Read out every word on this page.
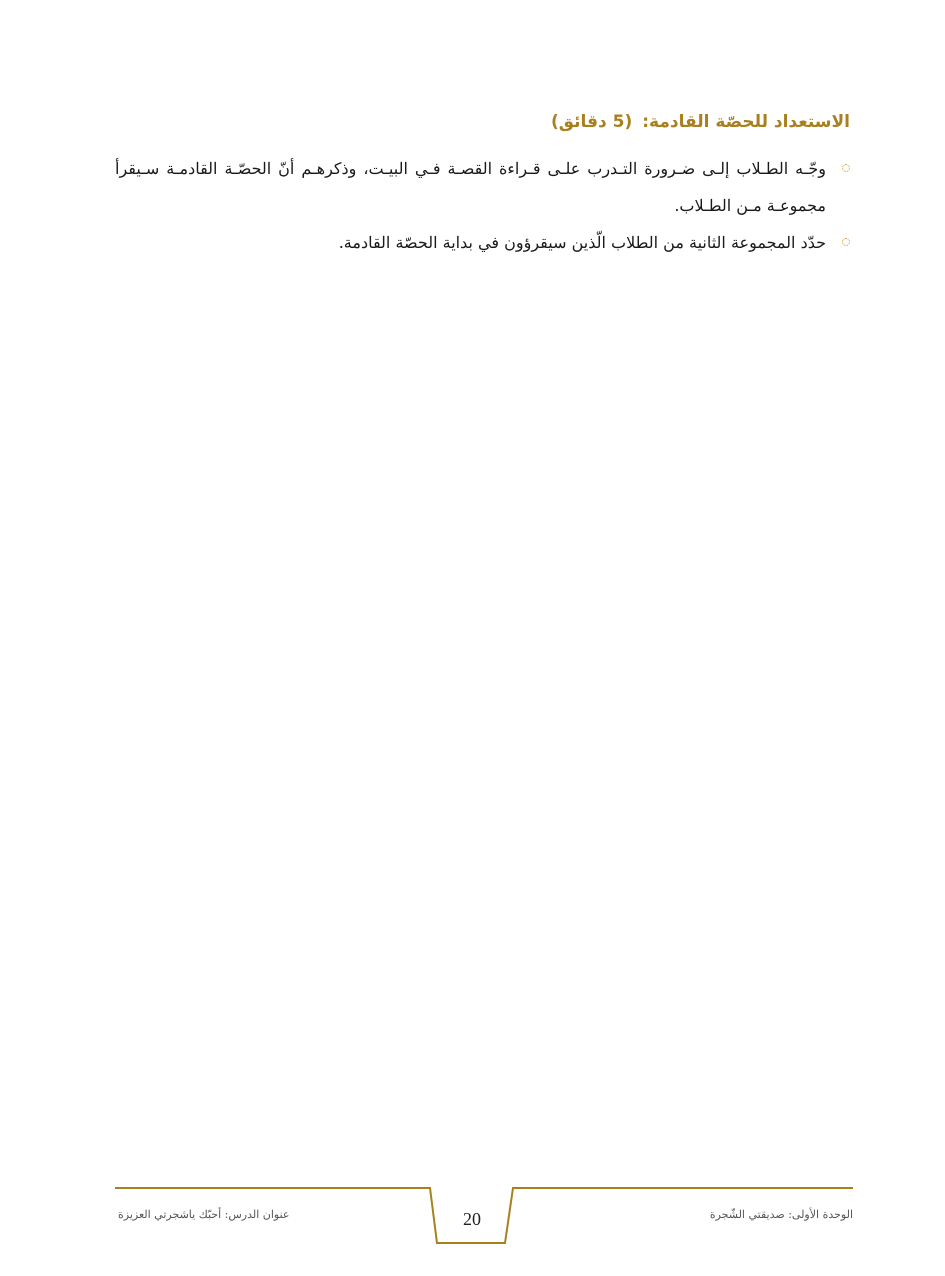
الاستعداد للحصّة القادمة: (5 دقائق)
وجّـه الطـلاب إلـى ضـرورة التـدرب علـى قـراءة القصـة فـي البيـت، وذكرهـم أنّ الحصّـة القادمـة سـيقرأ مجموعـة مـن الطـلاب.
حدّد المجموعة الثانية من الطلاب الّذين سيقرؤون في بداية الحصّة القادمة.
عنوان الدرس: أحبّك ياشجرتي العزيزة	20	الوحدة الأولى: صديقتي الشّجرة
